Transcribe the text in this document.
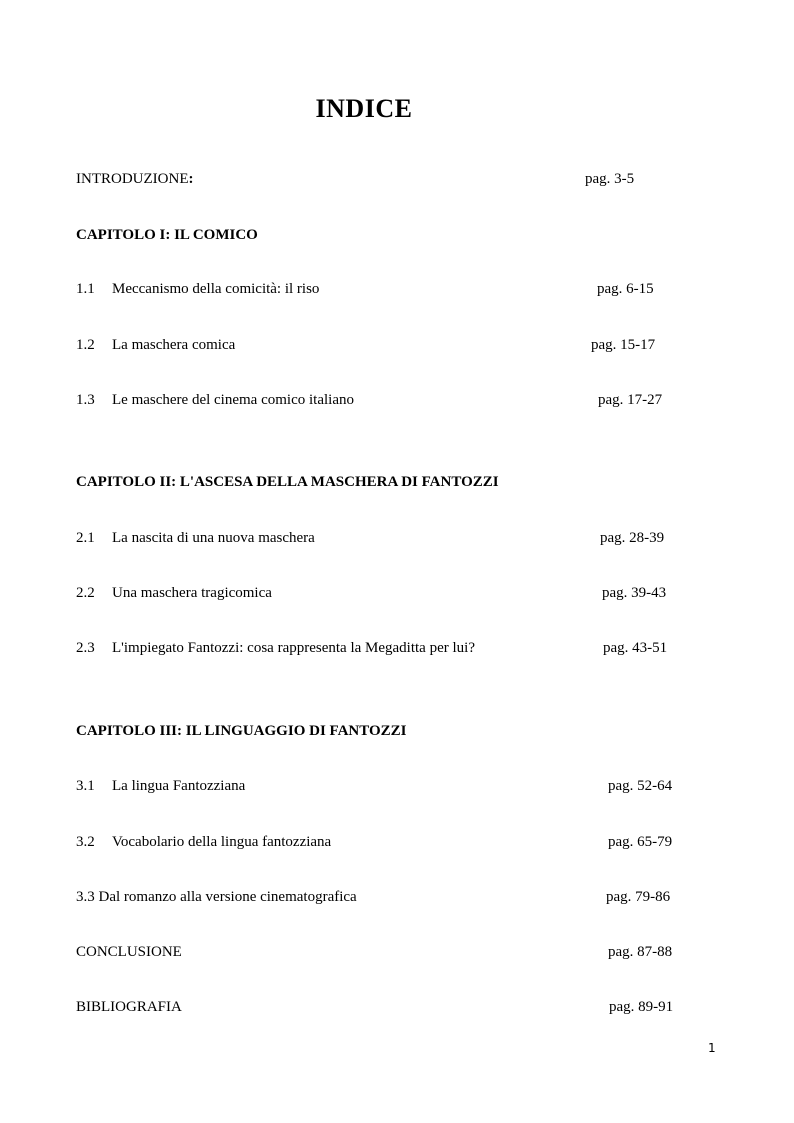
INDICE
INTRODUZIONE:	pag. 3-5
CAPITOLO I: IL COMICO
1.1 Meccanismo della comicità: il riso	pag. 6-15
1.2 La maschera comica	pag. 15-17
1.3 Le maschere del cinema comico italiano	pag. 17-27
CAPITOLO II: L'ASCESA DELLA MASCHERA DI FANTOZZI
2.1 La nascita di una nuova maschera	pag. 28-39
2.2 Una maschera tragicomica	pag. 39-43
2.3 L'impiegato Fantozzi: cosa rappresenta la Megaditta per lui?	pag. 43-51
CAPITOLO III: IL LINGUAGGIO DI FANTOZZI
3.1 La lingua Fantozziana	pag. 52-64
3.2 Vocabolario della lingua fantozziana	pag. 65-79
3.3 Dal romanzo alla versione cinematografica	pag. 79-86
CONCLUSIONE	pag. 87-88
BIBLIOGRAFIA	pag. 89-91
1
